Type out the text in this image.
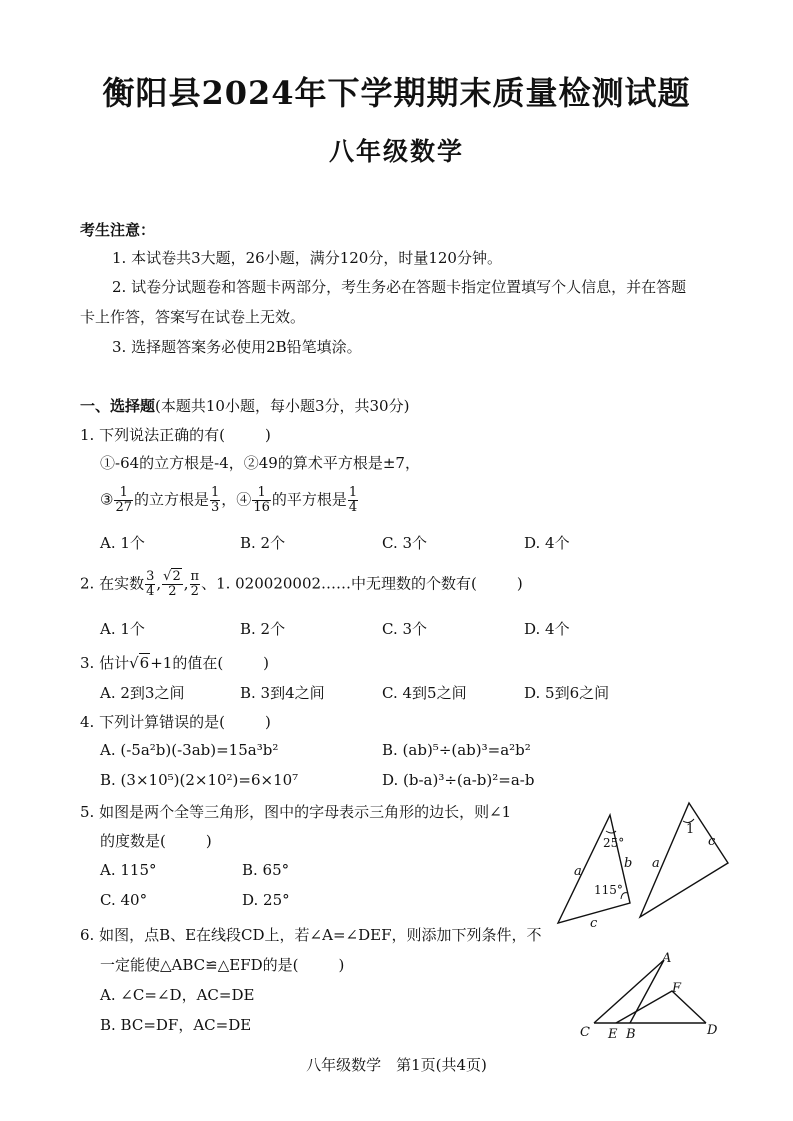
衡阳县2024年下学期期末质量检测试题
八年级数学
考生注意：
1. 本试卷共3大题，26小题，满分120分，时量120分钟。
2. 试卷分试题卷和答题卡两部分，考生务必在答题卡指定位置填写个人信息，并在答题
卡上作答，答案写在试卷上无效。
3. 选择题答案务必使用2B铅笔填涂。
一、选择题(本题共10小题，每小题3分，共30分)
1. 下列说法正确的有(	)
①-64的立方根是-4，②49的算术平方根是±7，
③ $\frac{1}{27}$ 的立方根是 $\frac{1}{3}$ ，④ $\frac{1}{16}$ 的平方根是 $\frac{1}{4}$
A. 1个	B. 2个	C. 3个	D. 4个
2. 在实数 $\frac{3}{4}$ , $\frac{√2}{2}$ , $\frac{\pi}{2}$ 、1. 020020002……中无理数的个数有(	)
A. 1个	B. 2个	C. 3个	D. 4个
3. 估计√6+1的值在(	)
A. 2到3之间	B. 3到4之间	C. 4到5之间	D. 5到6之间
4. 下列计算错误的是(	)
A. (-5a²b)(-3ab)=15a³b²	B. (ab)⁵÷(ab)³=a²b²
B. (3×10⁵)(2×10²)=6×10⁷	D. (b-a)³÷(a-b)²=a-b
5. 如图是两个全等三角形，图中的字母表示三角形的边长，则∠1
的度数是(	)
A. 115°	B. 65°
C. 40°	D. 25°
25°
115°
a
b
c
1
a
c
6. 如图，点B、E在线段CD上，若∠A=∠DEF，则添加下列条件，不
一定能使△ABC≌△EFD的是(	)
A. ∠C=∠D，AC=DE
B. BC=DF，AC=DE
A
F
C E B	D
八年级数学　第1页(共4页)
